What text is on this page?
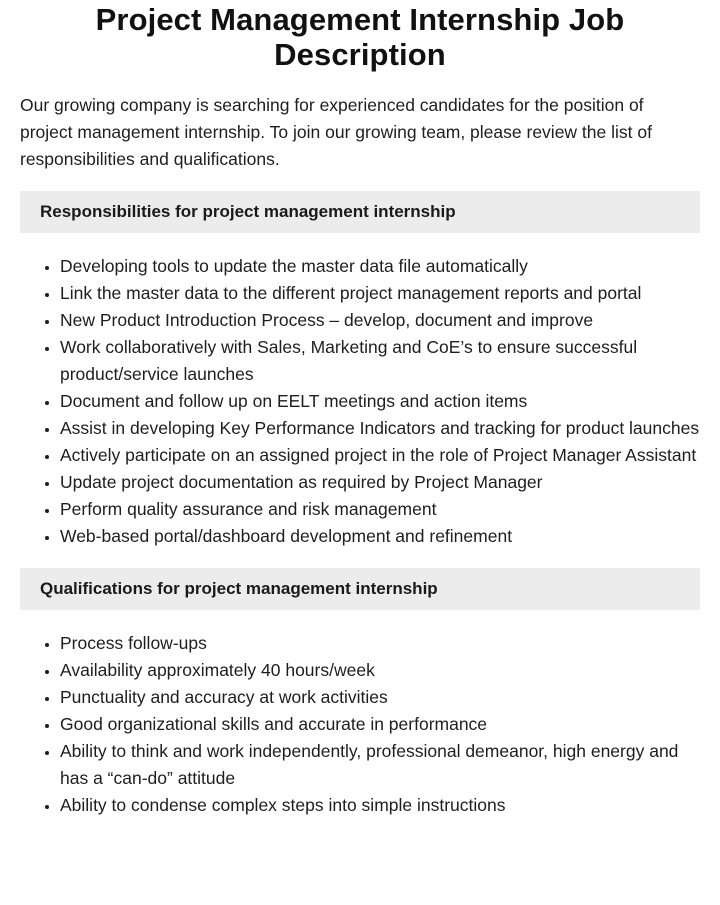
Project Management Internship Job Description

Our growing company is searching for experienced candidates for the position of project management internship. To join our growing team, please review the list of responsibilities and qualifications.

Responsibilities for project management internship
• Developing tools to update the master data file automatically
• Link the master data to the different project management reports and portal
• New Product Introduction Process – develop, document and improve
• Work collaboratively with Sales, Marketing and CoE’s to ensure successful product/service launches
• Document and follow up on EELT meetings and action items
• Assist in developing Key Performance Indicators and tracking for product launches
• Actively participate on an assigned project in the role of Project Manager Assistant
• Update project documentation as required by Project Manager
• Perform quality assurance and risk management
• Web-based portal/dashboard development and refinement
Qualifications for project management internship
• Process follow-ups
• Availability approximately 40 hours/week
• Punctuality and accuracy at work activities
• Good organizational skills and accurate in performance
• Ability to think and work independently, professional demeanor, high energy and has a “can-do” attitude
• Ability to condense complex steps into simple instructions
